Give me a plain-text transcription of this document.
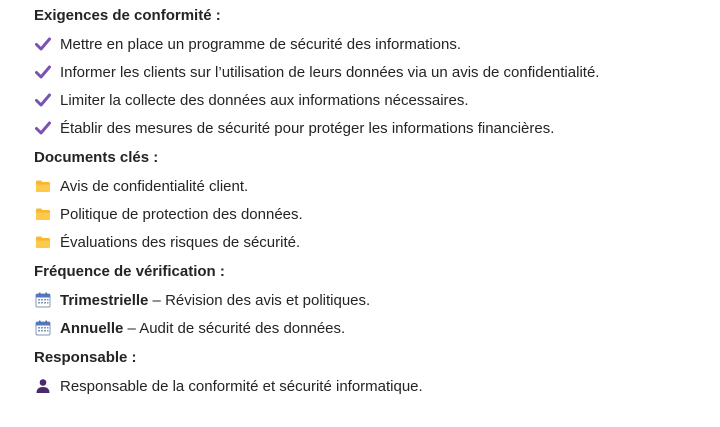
Exigences de conformité :
Mettre en place un programme de sécurité des informations.
Informer les clients sur l’utilisation de leurs données via un avis de confidentialité.
Limiter la collecte des données aux informations nécessaires.
Établir des mesures de sécurité pour protéger les informations financières.
Documents clés :
Avis de confidentialité client.
Politique de protection des données.
Évaluations des risques de sécurité.
Fréquence de vérification :
Trimestrielle – Révision des avis et politiques.
Annuelle – Audit de sécurité des données.
Responsable :
Responsable de la conformité et sécurité informatique.
